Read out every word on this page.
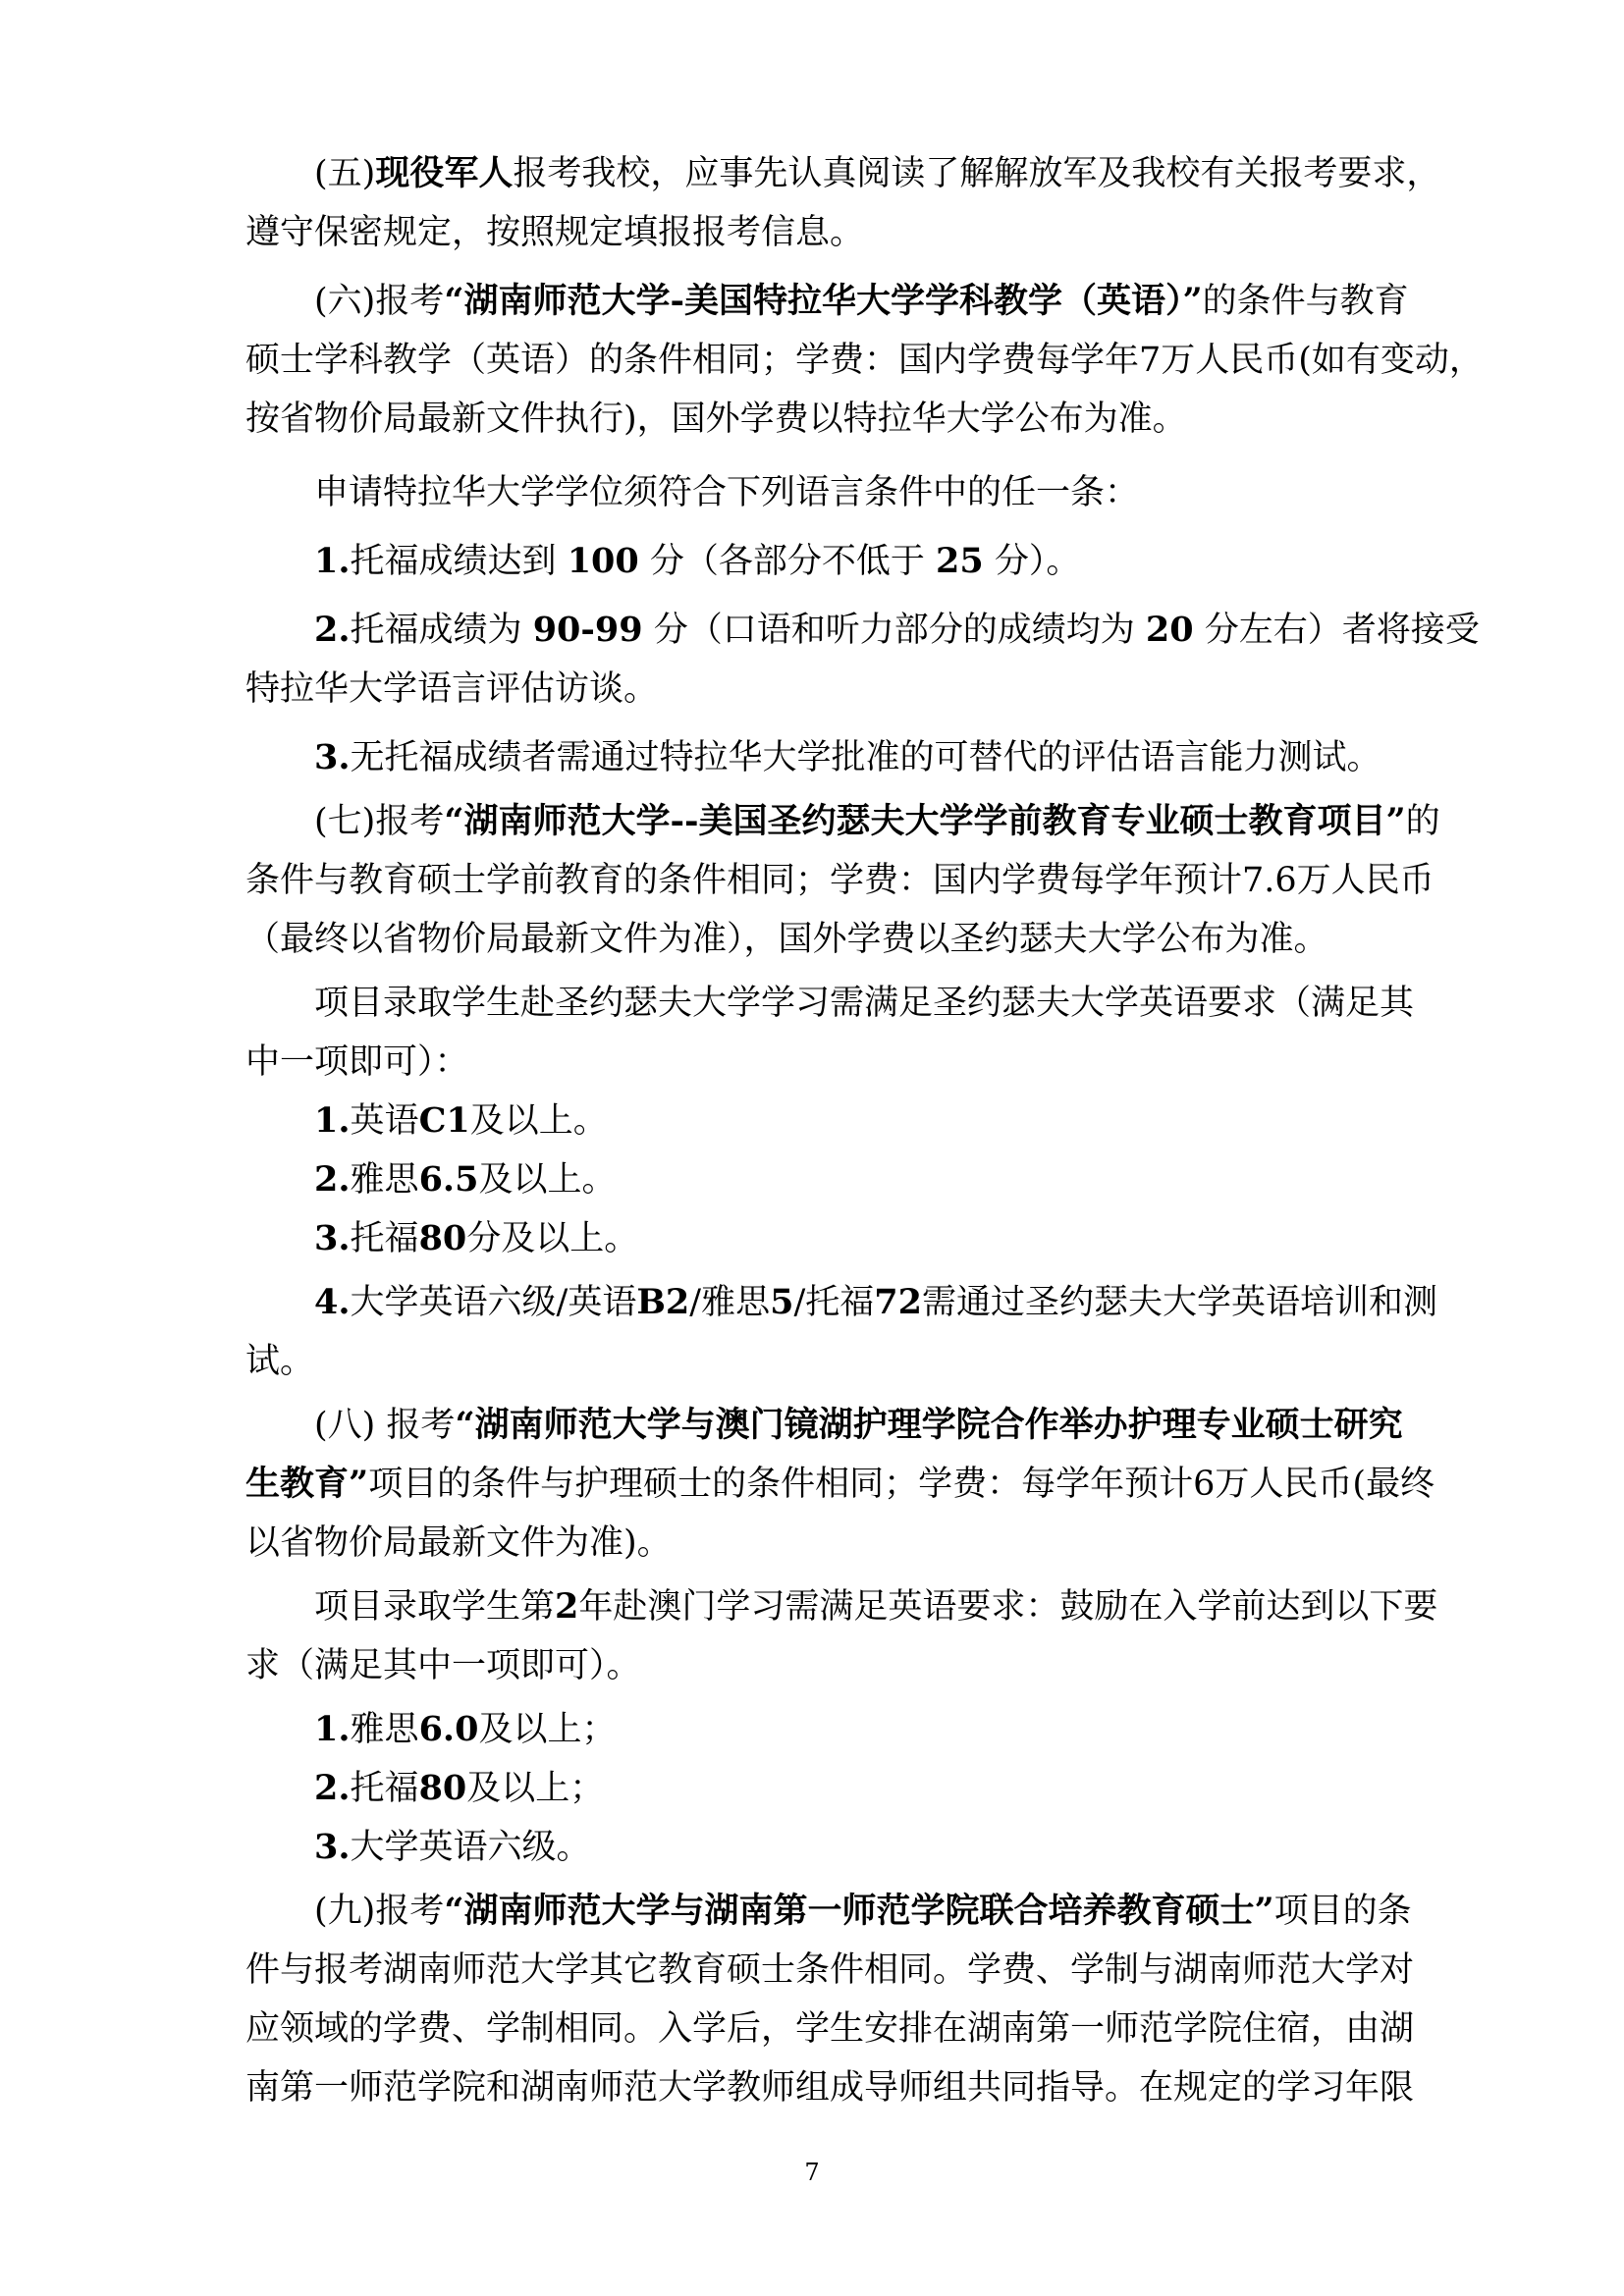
(五)现役军人报考我校，应事先认真阅读了解解放军及我校有关报考要求，
遵守保密规定，按照规定填报报考信息。
(六)报考“湖南师范大学-美国特拉华大学学科教学（英语）”的条件与教育
硕士学科教学（英语）的条件相同；学费：国内学费每学年7万人民币(如有变动，
按省物价局最新文件执行)，国外学费以特拉华大学公布为准。
申请特拉华大学学位须符合下列语言条件中的任一条：
1.托福成绩达到 100 分（各部分不低于 25 分）。
2.托福成绩为 90-99 分（口语和听力部分的成绩均为 20 分左右）者将接受
特拉华大学语言评估访谈。
3.无托福成绩者需通过特拉华大学批准的可替代的评估语言能力测试。
(七)报考“湖南师范大学--美国圣约瑟夫大学学前教育专业硕士教育项目”的
条件与教育硕士学前教育的条件相同；学费：国内学费每学年预计7.6万人民币
（最终以省物价局最新文件为准），国外学费以圣约瑟夫大学公布为准。
项目录取学生赴圣约瑟夫大学学习需满足圣约瑟夫大学英语要求（满足其
中一项即可）：
1.英语C1及以上。
2.雅思6.5及以上。
3.托福80分及以上。
4.大学英语六级/英语B2/雅思5/托福72需通过圣约瑟夫大学英语培训和测
试。
(八) 报考“湖南师范大学与澳门镜湖护理学院合作举办护理专业硕士研究
生教育”项目的条件与护理硕士的条件相同；学费：每学年预计6万人民币(最终
以省物价局最新文件为准)。
项目录取学生第2年赴澳门学习需满足英语要求：鼓励在入学前达到以下要
求（满足其中一项即可）。
1.雅思6.0及以上；
2.托福80及以上；
3.大学英语六级。
(九)报考“湖南师范大学与湖南第一师范学院联合培养教育硕士”项目的条
件与报考湖南师范大学其它教育硕士条件相同。学费、学制与湖南师范大学对
应领域的学费、学制相同。入学后，学生安排在湖南第一师范学院住宿，由湖
南第一师范学院和湖南师范大学教师组成导师组共同指导。在规定的学习年限
7
